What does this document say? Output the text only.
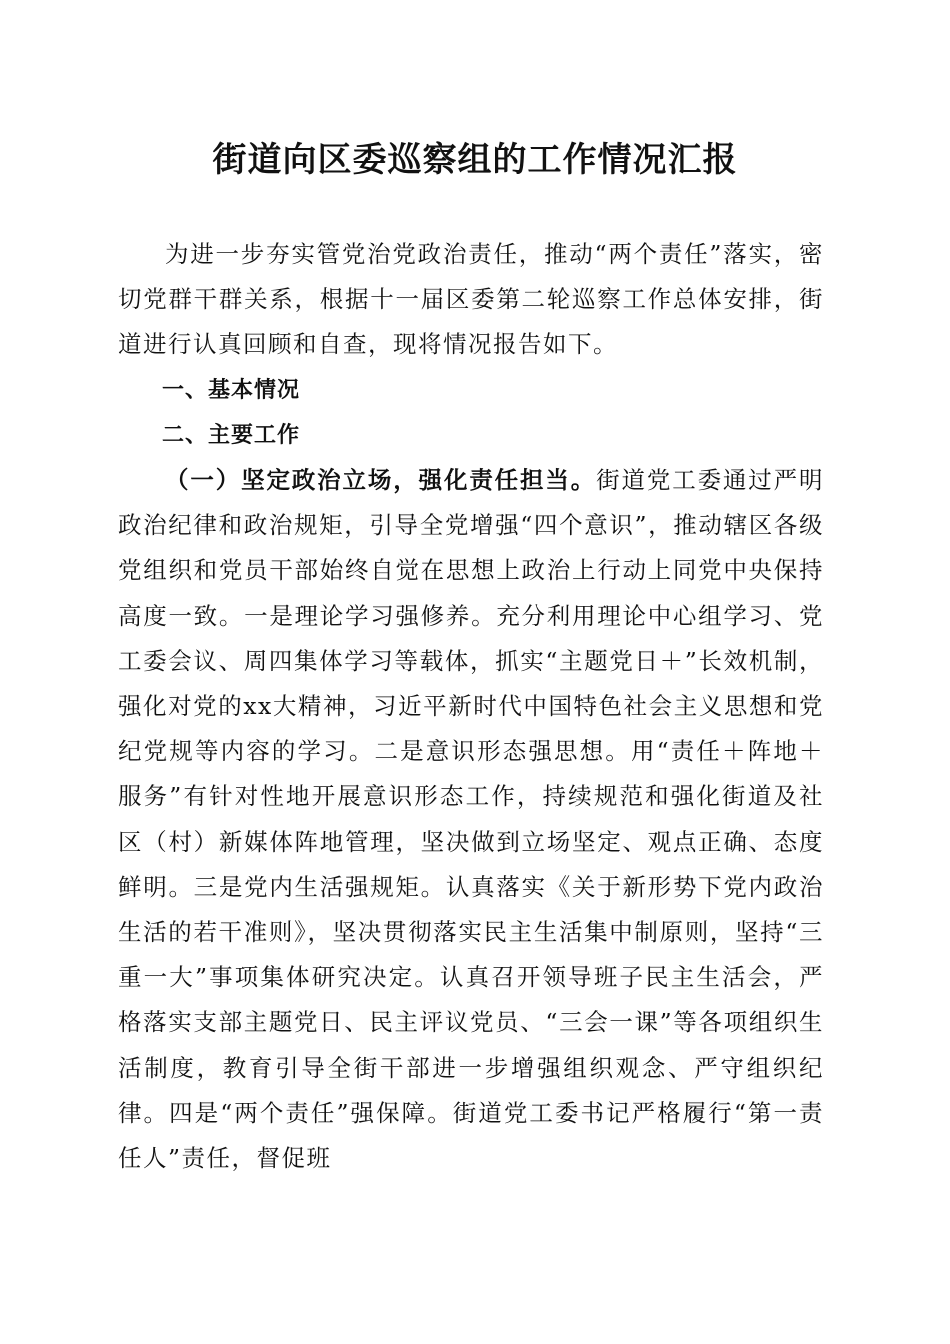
街道向区委巡察组的工作情况汇报

为进一步夯实管党治党政治责任，推动“两个责任”落实，密切党群干群关系，根据十一届区委第二轮巡察工作总体安排，街道进行认真回顾和自查，现将情况报告如下。

一、基本情况

二、主要工作

（一）坚定政治立场，强化责任担当。街道党工委通过严明政治纪律和政治规矩，引导全党增强“四个意识”，推动辖区各级党组织和党员干部始终自觉在思想上政治上行动上同党中央保持高度一致。一是理论学习强修养。充分利用理论中心组学习、党工委会议、周四集体学习等载体，抓实“主题党日＋”长效机制，强化对党的xx大精神，习近平新时代中国特色社会主义思想和党纪党规等内容的学习。二是意识形态强思想。用“责任＋阵地＋服务”有针对性地开展意识形态工作，持续规范和强化街道及社区（村）新媒体阵地管理，坚决做到立场坚定、观点正确、态度鲜明。三是党内生活强规矩。认真落实《关于新形势下党内政治生活的若干准则》，坚决贯彻落实民主生活集中制原则，坚持“三重一大”事项集体研究决定。认真召开领导班子民主生活会，严格落实支部主题党日、民主评议党员、“三会一课”等各项组织生活制度，教育引导全街干部进一步增强组织观念、严守组织纪律。四是“两个责任”强保障。街道党工委书记严格履行“第一责任人”责任，督促班
